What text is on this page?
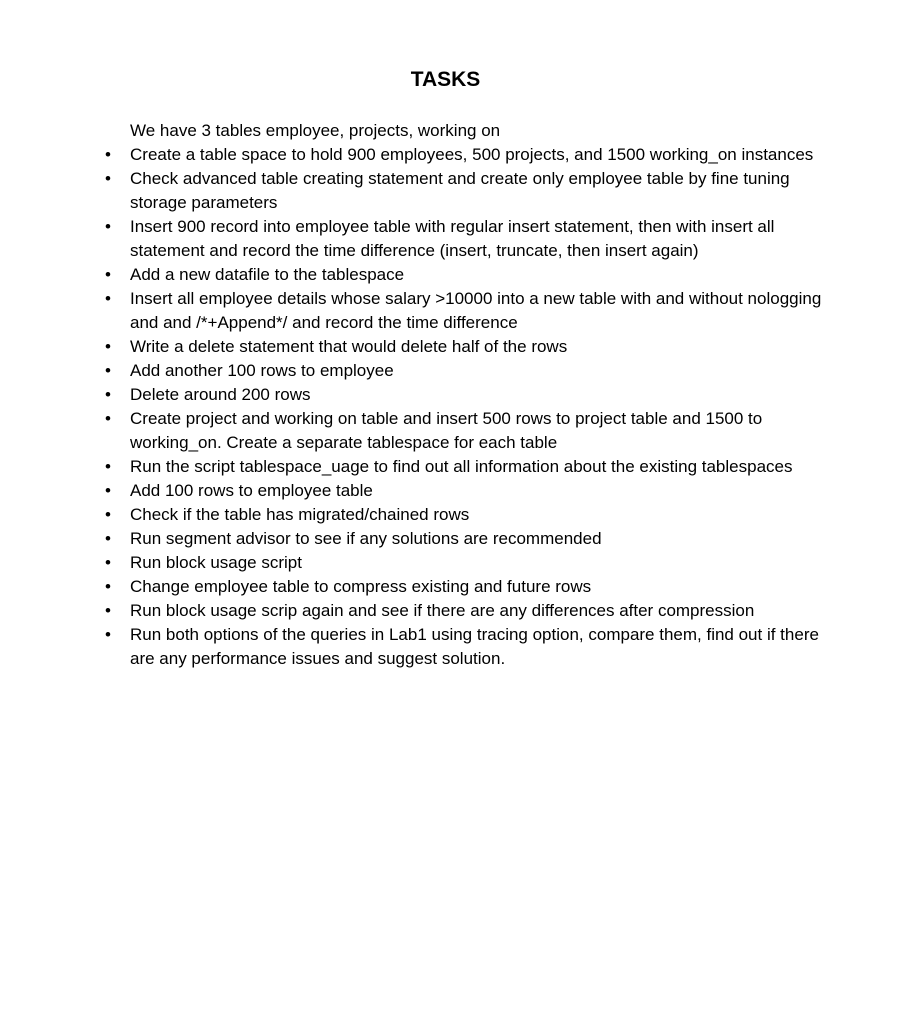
TASKS

We have 3 tables employee, projects, working on

• Create a table space to hold 900 employees, 500 projects, and 1500 working_on instances
• Check advanced table creating statement and create only employee table by fine tuning storage parameters
• Insert 900 record into employee table with regular insert statement, then with insert all statement and record the time difference (insert, truncate, then insert again)
• Add a new datafile to the tablespace
• Insert all employee details whose salary >10000 into a new table with and without nologging and and /*+Append*/ and record the time difference
• Write a delete statement that would delete half of the rows
• Add another 100 rows to employee
• Delete around 200 rows
• Create project and working on table and insert 500 rows to project table and 1500 to working_on. Create a separate tablespace for each table
• Run the script tablespace_uage to find out all information about the existing tablespaces
• Add 100 rows to employee table
• Check if the table has migrated/chained rows
• Run segment advisor to see if any solutions are recommended
• Run block usage script
• Change employee table to compress existing and future rows
• Run block usage scrip again and see if there are any differences after compression
• Run both options of the queries in Lab1 using tracing option, compare them, find out if there are any performance issues and suggest solution.
